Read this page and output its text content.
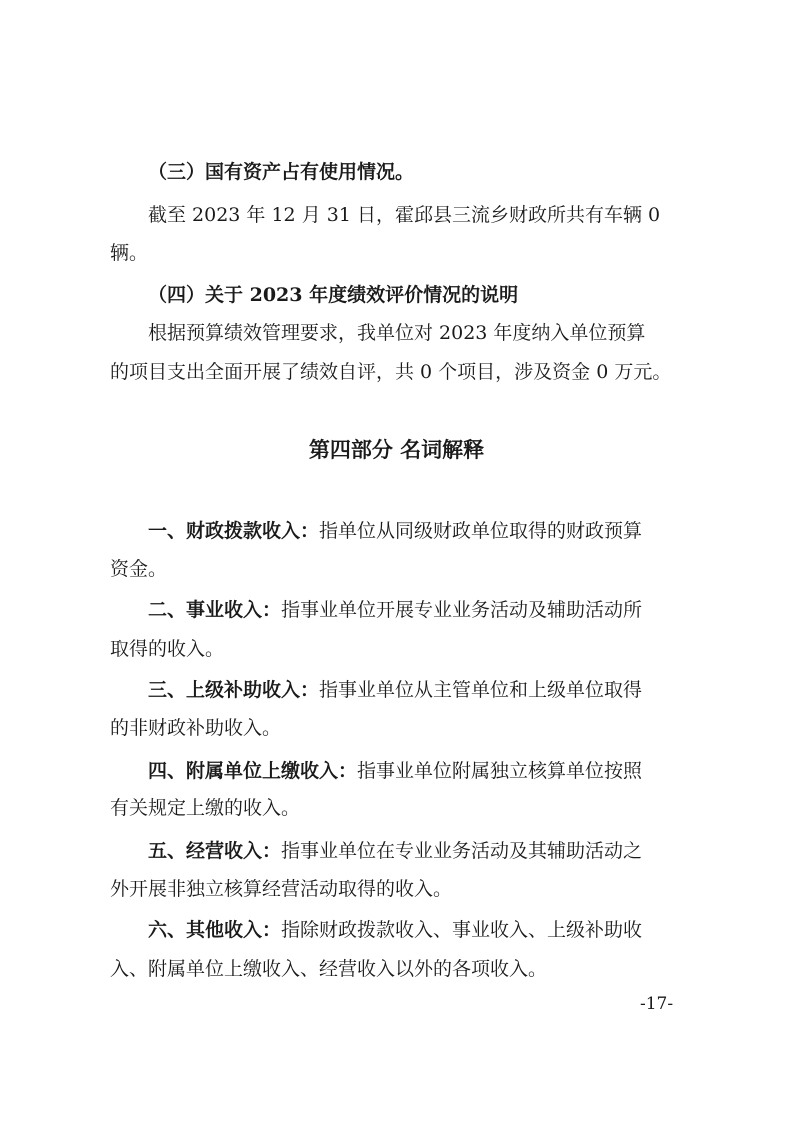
（三）国有资产占有使用情况。
截至 2023 年 12 月 31 日，霍邱县三流乡财政所共有车辆 0
辆。
（四）关于 2023 年度绩效评价情况的说明
根据预算绩效管理要求，我单位对 2023 年度纳入单位预算
的项目支出全面开展了绩效自评，共 0 个项目，涉及资金 0 万元。
第四部分 名词解释
一、财政拨款收入：指单位从同级财政单位取得的财政预算
资金。
二、事业收入：指事业单位开展专业业务活动及辅助活动所
取得的收入。
三、上级补助收入：指事业单位从主管单位和上级单位取得
的非财政补助收入。
四、附属单位上缴收入：指事业单位附属独立核算单位按照
有关规定上缴的收入。
五、经营收入：指事业单位在专业业务活动及其辅助活动之
外开展非独立核算经营活动取得的收入。
六、其他收入：指除财政拨款收入、事业收入、上级补助收
入、附属单位上缴收入、经营收入以外的各项收入。
-17-
